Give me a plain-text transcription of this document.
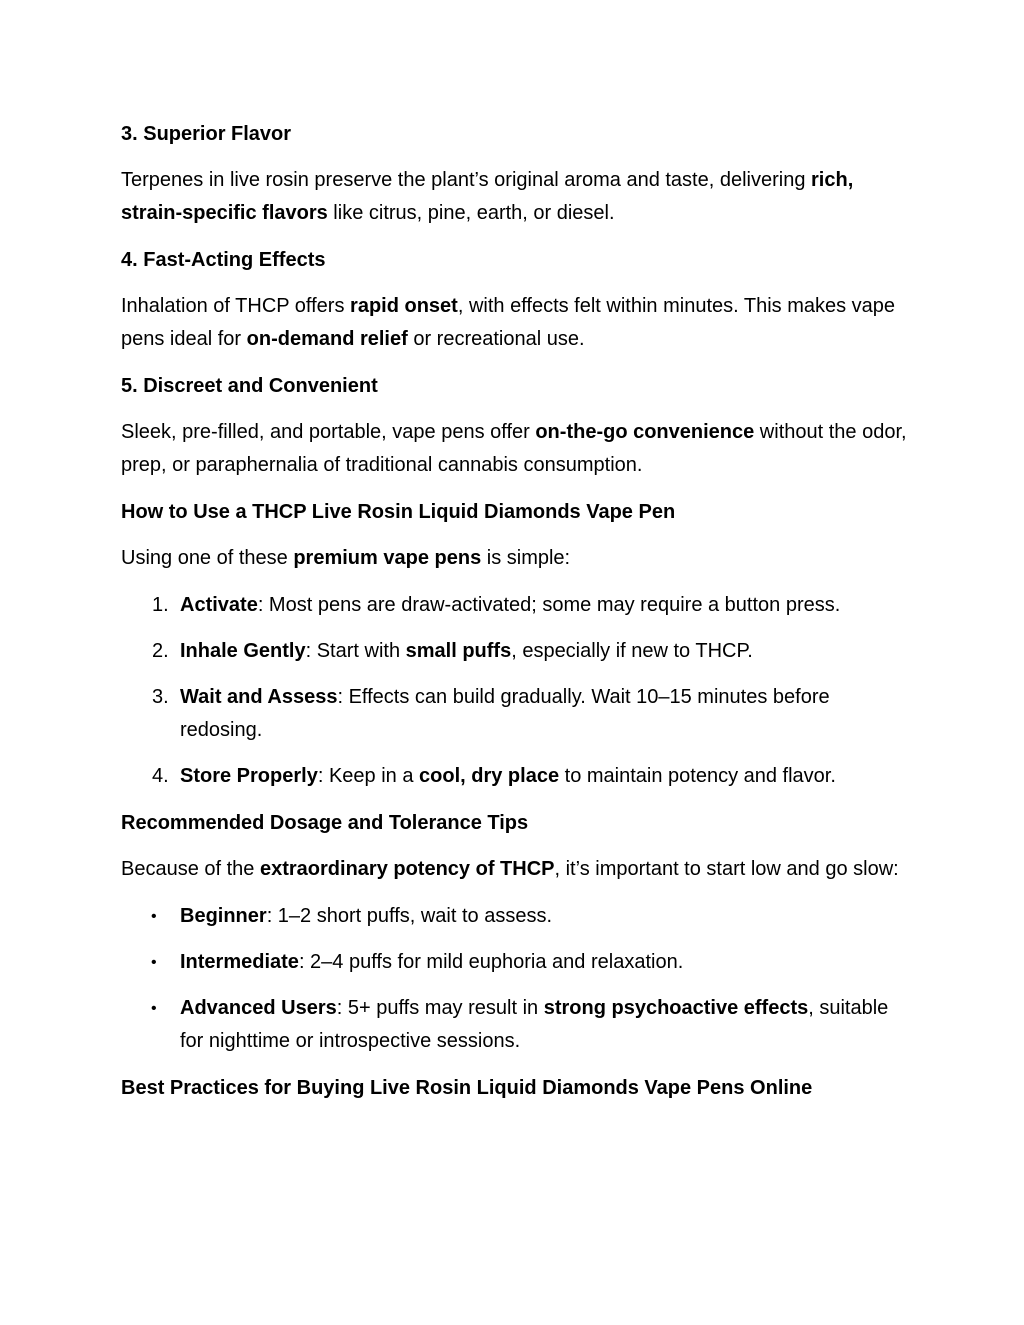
3. Superior Flavor
Terpenes in live rosin preserve the plant’s original aroma and taste, delivering rich, strain-specific flavors like citrus, pine, earth, or diesel.
4. Fast-Acting Effects
Inhalation of THCP offers rapid onset, with effects felt within minutes. This makes vape pens ideal for on-demand relief or recreational use.
5. Discreet and Convenient
Sleek, pre-filled, and portable, vape pens offer on-the-go convenience without the odor, prep, or paraphernalia of traditional cannabis consumption.
How to Use a THCP Live Rosin Liquid Diamonds Vape Pen
Using one of these premium vape pens is simple:
1. Activate: Most pens are draw-activated; some may require a button press.
2. Inhale Gently: Start with small puffs, especially if new to THCP.
3. Wait and Assess: Effects can build gradually. Wait 10–15 minutes before redosing.
4. Store Properly: Keep in a cool, dry place to maintain potency and flavor.
Recommended Dosage and Tolerance Tips
Because of the extraordinary potency of THCP, it’s important to start low and go slow:
• Beginner: 1–2 short puffs, wait to assess.
• Intermediate: 2–4 puffs for mild euphoria and relaxation.
• Advanced Users: 5+ puffs may result in strong psychoactive effects, suitable for nighttime or introspective sessions.
Best Practices for Buying Live Rosin Liquid Diamonds Vape Pens Online
